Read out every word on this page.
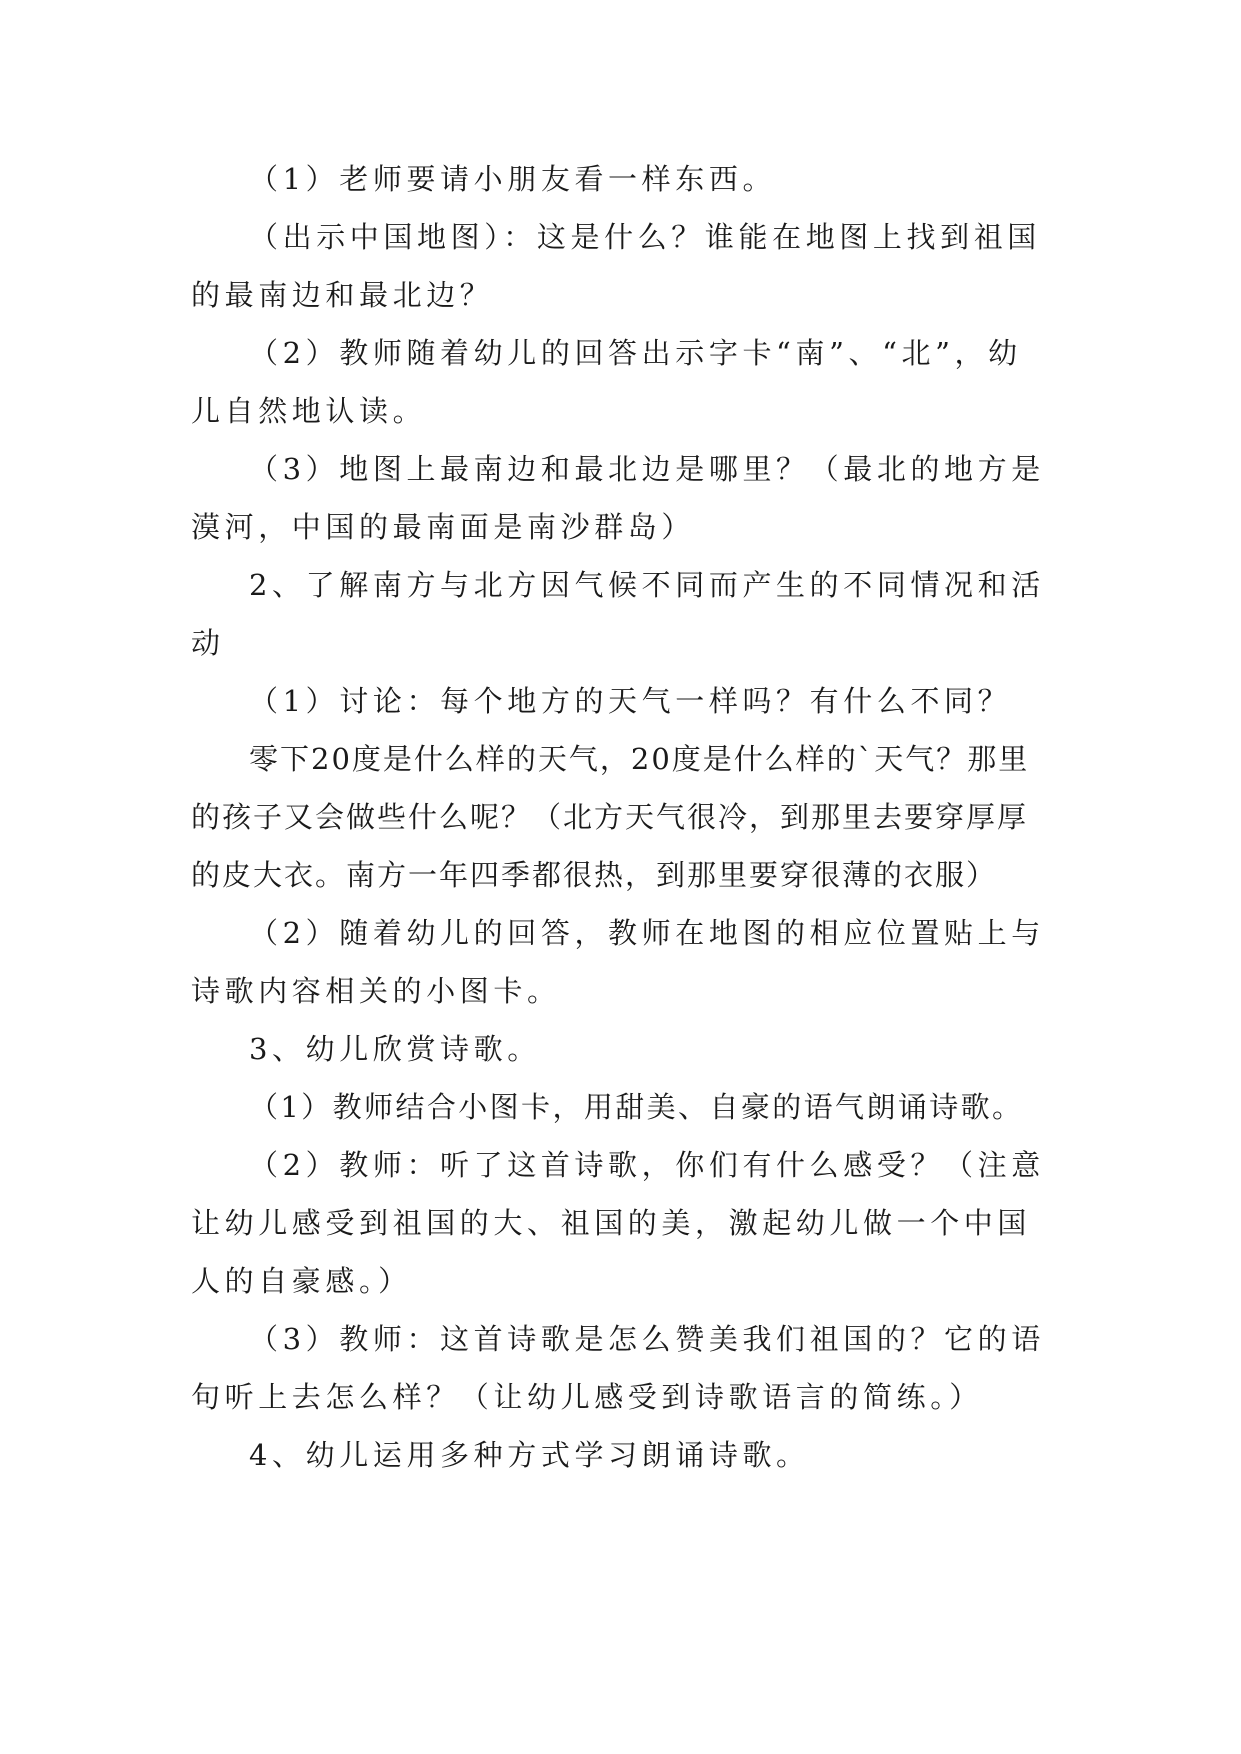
（1）老师要请小朋友看一样东西。

（出示中国地图）：这是什么？谁能在地图上找到祖国的最南边和最北边？

（2）教师随着幼儿的回答出示字卡“南”、“北”，幼儿自然地认读。

（3）地图上最南边和最北边是哪里？（最北的地方是漠河，中国的最南面是南沙群岛）

2、了解南方与北方因气候不同而产生的不同情况和活动

（1）讨论：每个地方的天气一样吗？有什么不同？

零下20度是什么样的天气，20度是什么样的`天气？那里的孩子又会做些什么呢？（北方天气很冷，到那里去要穿厚厚的皮大衣。南方一年四季都很热，到那里要穿很薄的衣服）

（2）随着幼儿的回答，教师在地图的相应位置贴上与诗歌内容相关的小图卡。

3、幼儿欣赏诗歌。

（1）教师结合小图卡，用甜美、自豪的语气朗诵诗歌。

（2）教师：听了这首诗歌，你们有什么感受？（注意让幼儿感受到祖国的大、祖国的美，激起幼儿做一个中国人的自豪感。）

（3）教师：这首诗歌是怎么赞美我们祖国的？它的语句听上去怎么样？（让幼儿感受到诗歌语言的简练。）

4、幼儿运用多种方式学习朗诵诗歌。
